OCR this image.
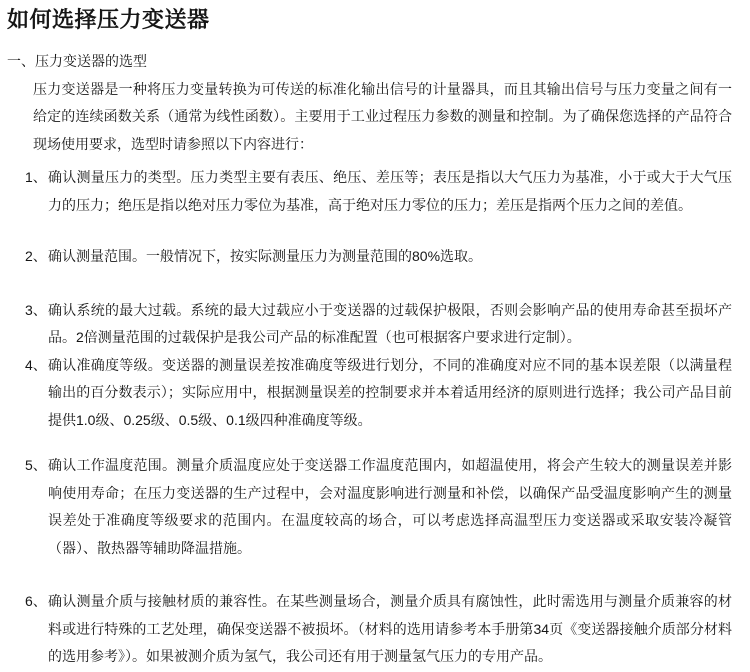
如何选择压力变送器
一、 压力变送器的选型

压力变送器是一种将压力变量转换为可传送的标准化输出信号的计量器具，而且其输出信号与压力变量之间有一给定的连续函数关系（通常为线性函数）。主要用于工业过程压力参数的测量和控制。为了确保您选择的产品符合现场使用要求，选型时请参照以下内容进行：

1、 确认测量压力的类型。压力类型主要有表压、绝压、差压等；表压是指以大气压力为基准，小于或大于大气压力的压力；绝压是指以绝对压力零位为基准，高于绝对压力零位的压力；差压是指两个压力之间的差值。
2、 确认测量范围。一般情况下，按实际测量压力为测量范围的80%选取。
3、 确认系统的最大过载。系统的最大过载应小于变送器的过载保护极限，否则会影响产品的使用寿命甚至损坏产品。2倍测量范围的过载保护是我公司产品的标准配置（也可根据客户要求进行定制）。
4、 确认准确度等级。变送器的测量误差按准确度等级进行划分，不同的准确度对应不同的基本误差限（以满量程输出的百分数表示）；实际应用中，根据测量误差的控制要求并本着适用经济的原则进行选择；我公司产品目前提供1.0级、0.25级、0.5级、0.1级四种准确度等级。
5、 确认工作温度范围。测量介质温度应处于变送器工作温度范围内，如超温使用，将会产生较大的测量误差并影响使用寿命；在压力变送器的生产过程中，会对温度影响进行测量和补偿，以确保产品受温度影响产生的测量误差处于准确度等级要求的范围内。在温度较高的场合，可以考虑选择高温型压力变送器或采取安装冷凝管（器）、散热器等辅助降温措施。
6、 确认测量介质与接触材质的兼容性。在某些测量场合，测量介质具有腐蚀性，此时需选用与测量介质兼容的材料或进行特殊的工艺处理，确保变送器不被损坏。（材料的选用请参考本手册第34页《变送器接触介质部分材料的选用参考》）。如果被测介质为氢气，我公司还有用于测量氢气压力的专用产品。
